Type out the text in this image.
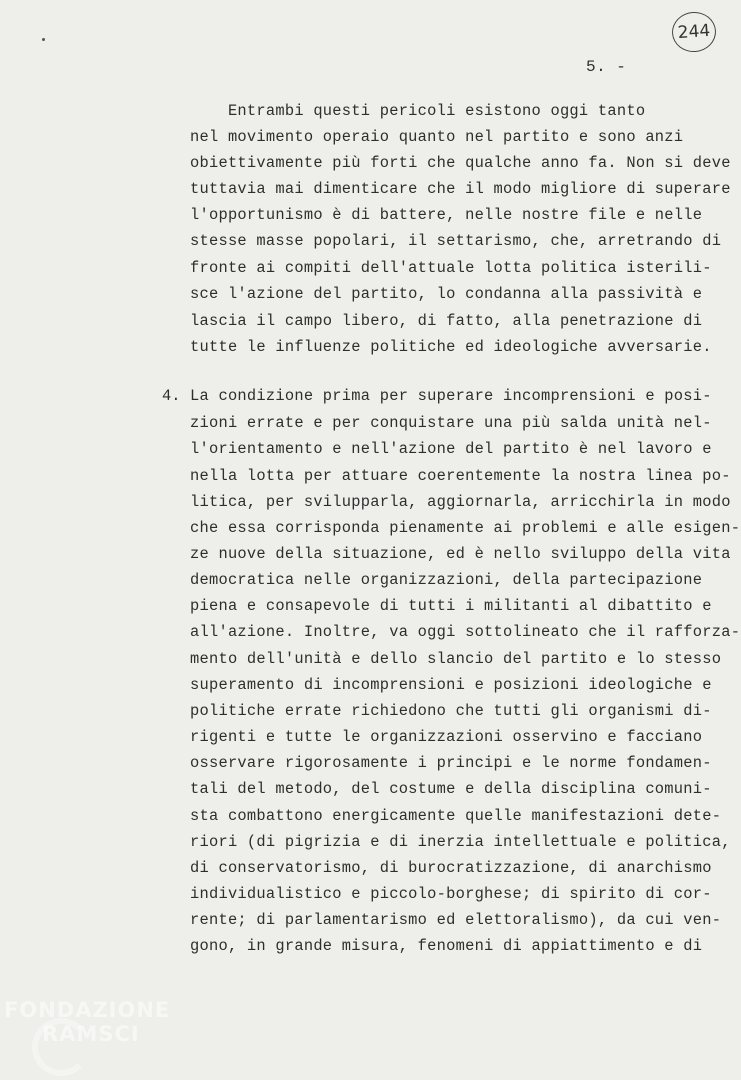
244
5. -
Entrambi questi pericoli esistono oggi tanto
nel movimento operaio quanto nel partito e sono anzi
obiettivamente più forti che qualche anno fa. Non si deve
tuttavia mai dimenticare che il modo migliore di superare
l'opportunismo è di battere, nelle nostre file e nelle
stesse masse popolari, il settarismo, che, arretrando di
fronte ai compiti dell'attuale lotta politica isterili-
sce l'azione del partito, lo condanna alla passività e
lascia il campo libero, di fatto, alla penetrazione di
tutte le influenze politiche ed ideologiche avversarie.
4. La condizione prima per superare incomprensioni e posi-
zioni errate e per conquistare una più salda unità nel-
l'orientamento e nell'azione del partito è nel lavoro e
nella lotta per attuare coerentemente la nostra linea po-
litica, per svilupparla, aggiornarla, arricchirla in modo
che essa corrisponda pienamente ai problemi e alle esigen-
ze nuove della situazione, ed è nello sviluppo della vita
democratica nelle organizzazioni, della partecipazione
piena e consapevole di tutti i militanti al dibattito e
all'azione. Inoltre, va oggi sottolineato che il rafforza-
mento dell'unità e dello slancio del partito e lo stesso
superamento di incomprensioni e posizioni ideologiche e
politiche errate richiedono che tutti gli organismi di-
rigenti e tutte le organizzazioni osservino e facciano
osservare rigorosamente i principi e le norme fondamen-
tali del metodo, del costume e della disciplina comuni-
sta combattono energicamente quelle manifestazioni dete-
riori (di pigrizia e di inerzia intellettuale e politica,
di conservatorismo, di burocratizzazione, di anarchismo
individualistico e piccolo-borghese; di spirito di cor-
rente; di parlamentarismo ed elettoralismo), da cui ven-
gono, in grande misura, fenomeni di appiattimento e di
FONDAZIONE
RAMSCI
